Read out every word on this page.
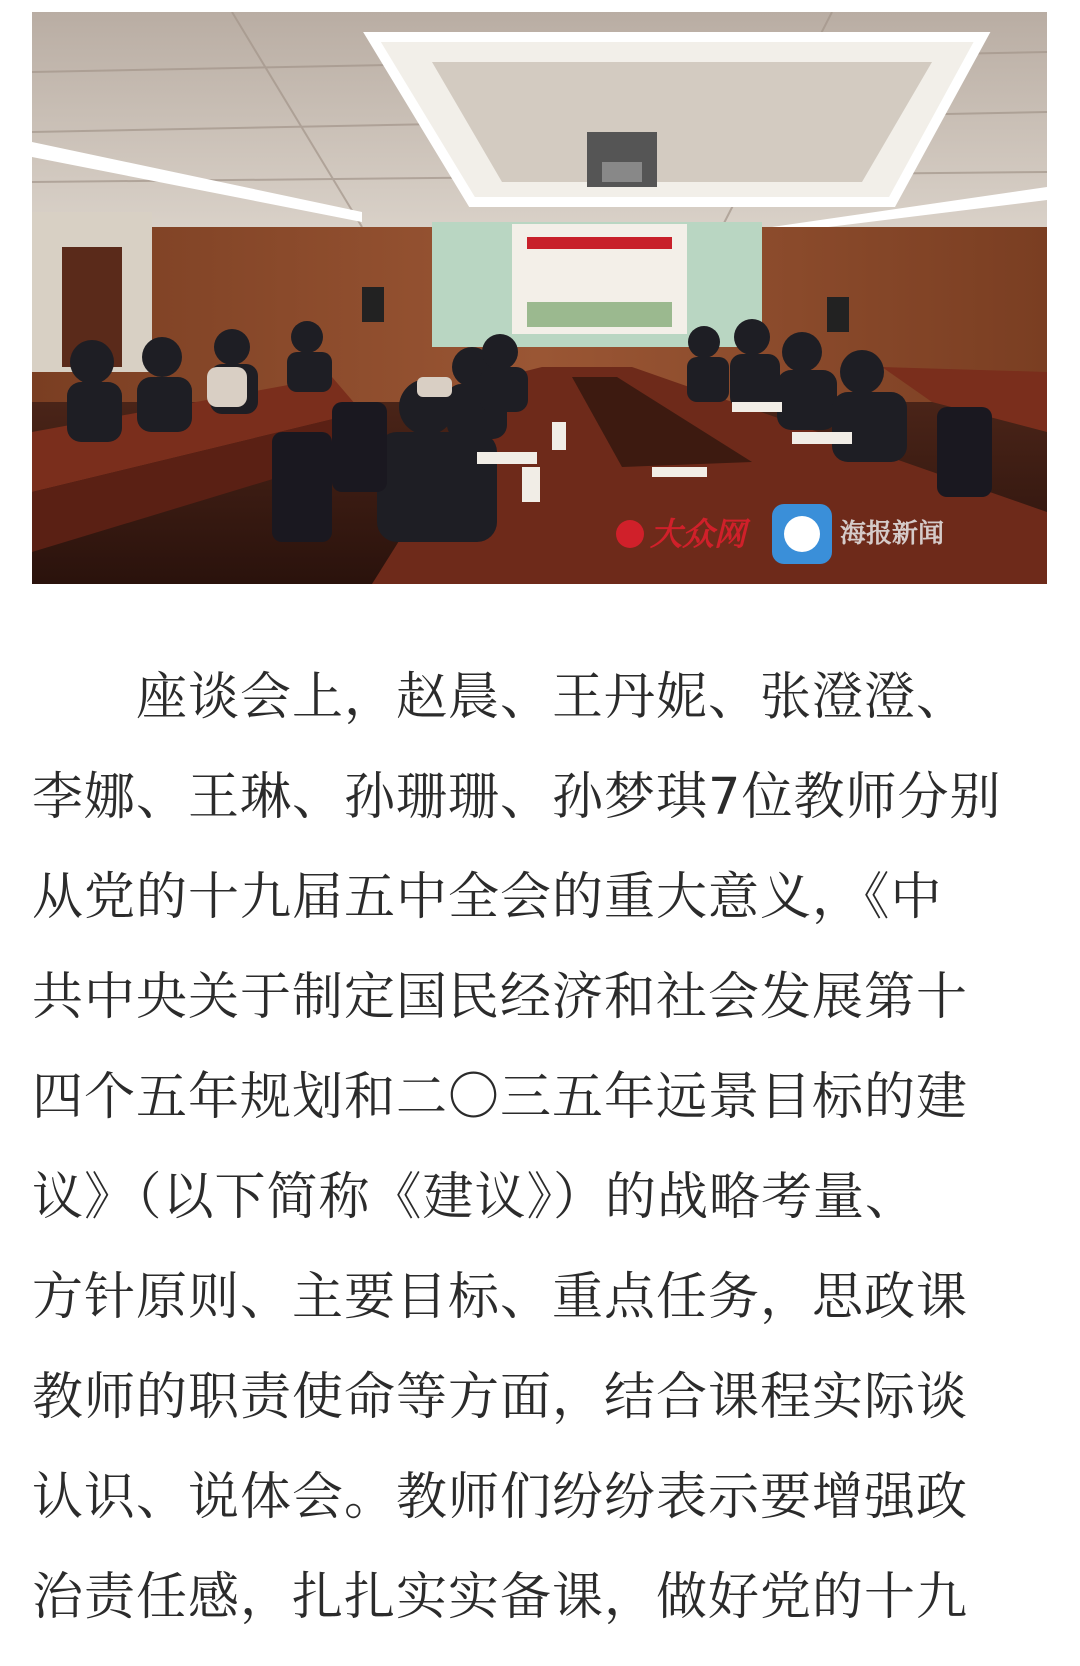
大众网	海报新闻

座谈会上，赵晨、王丹妮、张澄澄、
李娜、王琳、孙珊珊、孙梦琪7位教师分别
从党的十九届五中全会的重大意义，《中
共中央关于制定国民经济和社会发展第十
四个五年规划和二〇三五年远景目标的建
议》（以下简称《建议》）的战略考量、
方针原则、主要目标、重点任务，思政课
教师的职责使命等方面，结合课程实际谈
认识、说体会。教师们纷纷表示要增强政
治责任感，扎扎实实备课，做好党的十九
